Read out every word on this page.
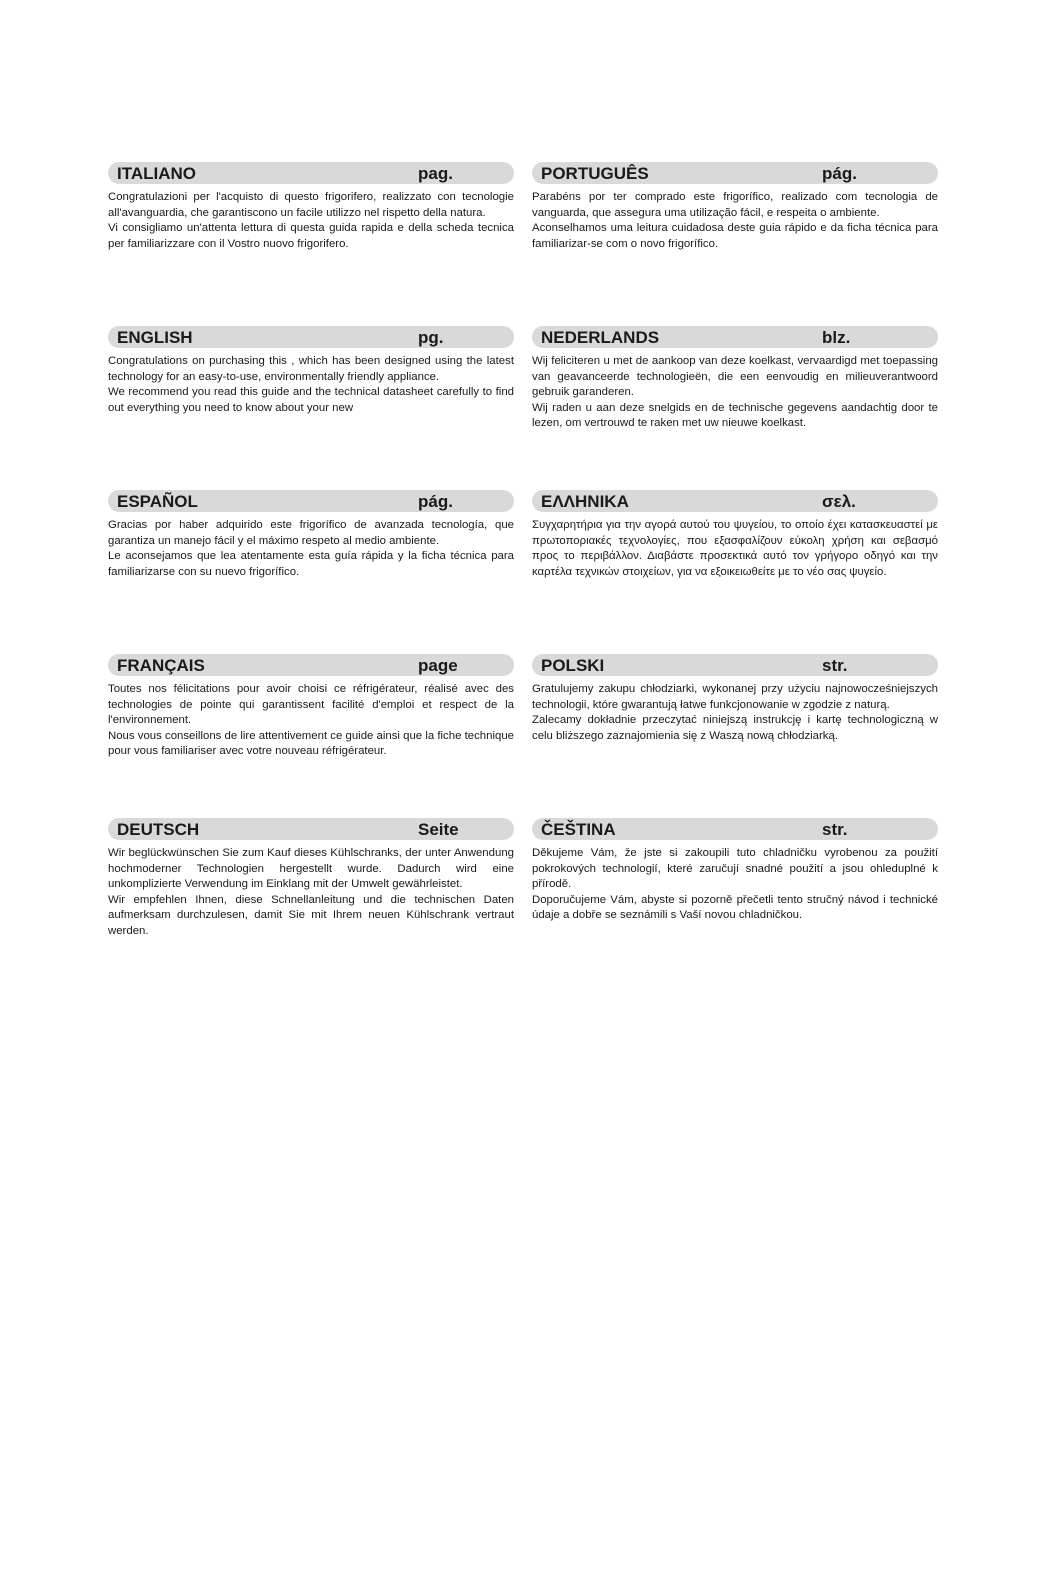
ITALIANO	pag.

Congratulazioni per l'acquisto di questo frigorifero, realizzato con tecnologie all'avanguardia, che garantiscono un facile utilizzo nel rispetto della natura.

Vi consigliamo un'attenta lettura di questa guida rapida e della scheda tecnica per familiarizzare con il Vostro nuovo frigorifero.

PORTUGUÊS	pág.

Parabéns por ter comprado este frigorífico, realizado com tecnologia de vanguarda, que assegura uma utilização fácil, e respeita o ambiente.

Aconselhamos uma leitura cuidadosa deste guia rápido e da ficha técnica para familiarizar-se com o novo frigorífico.

ENGLISH	pg.

Congratulations on purchasing this , which has been designed using the latest technology for an easy-to-use, environmentally friendly appliance.

We recommend you read this guide and the technical datasheet carefully to find out everything you need to know about your new

NEDERLANDS	blz.

Wij feliciteren u met de aankoop van deze koelkast, vervaardigd met toepassing van geavanceerde technologieën, die een eenvoudig en milieuverantwoord gebruik garanderen.

Wij raden u aan deze snelgids en de technische gegevens aandachtig door te lezen, om vertrouwd te raken met uw nieuwe koelkast.

ESPAÑOL	pág.

Gracias por haber adquirido este frigorífico de avanzada tecnología, que garantiza un manejo fácil y el máximo respeto al medio ambiente.

Le aconsejamos que lea atentamente esta guía rápida y la ficha técnica para familiarizarse con su nuevo frigorífico.

ΕΛΛΗΝΙΚΑ	σελ.

Συγχαρητήρια για την αγορά αυτού του ψυγείου, το οποίο έχει κατασκευαστεί με πρωτοποριακές τεχνολογίες, που εξασφαλίζουν εύκολη χρήση και σεβασμό προς το περιβάλλον. Διαβάστε προσεκτικά αυτό τον γρήγορο οδηγό και την καρτέλα τεχνικών στοιχείων, για να εξοικειωθείτε με το νέο σας ψυγείο.

FRANÇAIS	page

Toutes nos félicitations pour avoir choisi ce réfrigérateur, réalisé avec des technologies de pointe qui garantissent facilité d'emploi et respect de la l'environnement.

Nous vous conseillons de lire attentivement ce guide ainsi que la fiche technique pour vous familiariser avec votre nouveau réfrigérateur.

POLSKI	str.

Gratulujemy zakupu chłodziarki, wykonanej przy użyciu najnowocześniejszych technologii, które gwarantują łatwe funkcjonowanie w zgodzie z naturą.

Zalecamy dokładnie przeczytać niniejszą instrukcję i kartę technologiczną w celu bliższego zaznajomienia się z Waszą nową chłodziarką.

DEUTSCH	Seite

Wir beglückwünschen Sie zum Kauf dieses Kühlschranks, der unter Anwendung hochmoderner Technologien hergestellt wurde. Dadurch wird eine unkomplizierte Verwendung im Einklang mit der Umwelt gewährleistet.

Wir empfehlen Ihnen, diese Schnellanleitung und die technischen Daten aufmerksam durchzulesen, damit Sie mit Ihrem neuen Kühlschrank vertraut werden.

ČEŠTINA	str.

Děkujeme Vám, že jste si zakoupili tuto chladničku vyrobenou za použití pokrokových technologií, které zaručují snadné použití a jsou ohleduplné k přírodě.

Doporučujeme Vám, abyste si pozorně přečetli tento stručný návod i technické údaje a dobře se seznámili s Vaší novou chladničkou.
